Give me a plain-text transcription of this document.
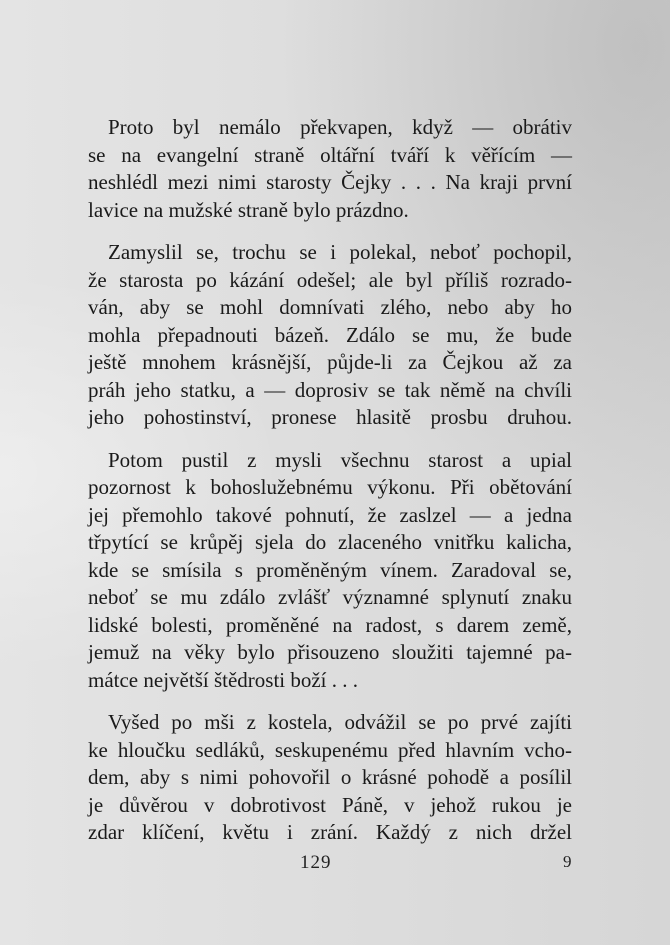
Proto byl nemálo překvapen, když — obrátiv
se na evangelní straně oltářní tváří k věřícím —
neshlédl mezi nimi starosty Čejky . . . Na kraji první
lavice na mužské straně bylo prázdno.
Zamyslil se, trochu se i polekal, neboť pochopil,
že starosta po kázání odešel; ale byl příliš rozrado-
ván, aby se mohl domnívati zlého, nebo aby ho
mohla přepadnouti bázeň. Zdálo se mu, že bude
ještě mnohem krásnější, půjde-li za Čejkou až za
práh jeho statku, a — doprosiv se tak němě na chvíli
jeho pohostinství, pronese hlasitě prosbu druhou.
Potom pustil z mysli všechnu starost a upial
pozornost k bohoslužebnému výkonu. Při obětování
jej přemohlo takové pohnutí, že zaslzel — a jedna
třpytící se krůpěj sjela do zlaceného vnitřku kalicha,
kde se smísila s proměněným vínem. Zaradoval se,
neboť se mu zdálo zvlášť významné splynutí znaku
lidské bolesti, proměněné na radost, s darem země,
jemuž na věky bylo přisouzeno sloužiti tajemné pa-
mátce největší štědrosti boží . . .
Vyšed po mši z kostela, odvážil se po prvé zajíti
ke hloučku sedláků, seskupenému před hlavním vcho-
dem, aby s nimi pohovořil o krásné pohodě a posílil
je důvěrou v dobrotivost Páně, v jehož rukou je
zdar klíčení, květu i zrání. Každý z nich držel
129	9
